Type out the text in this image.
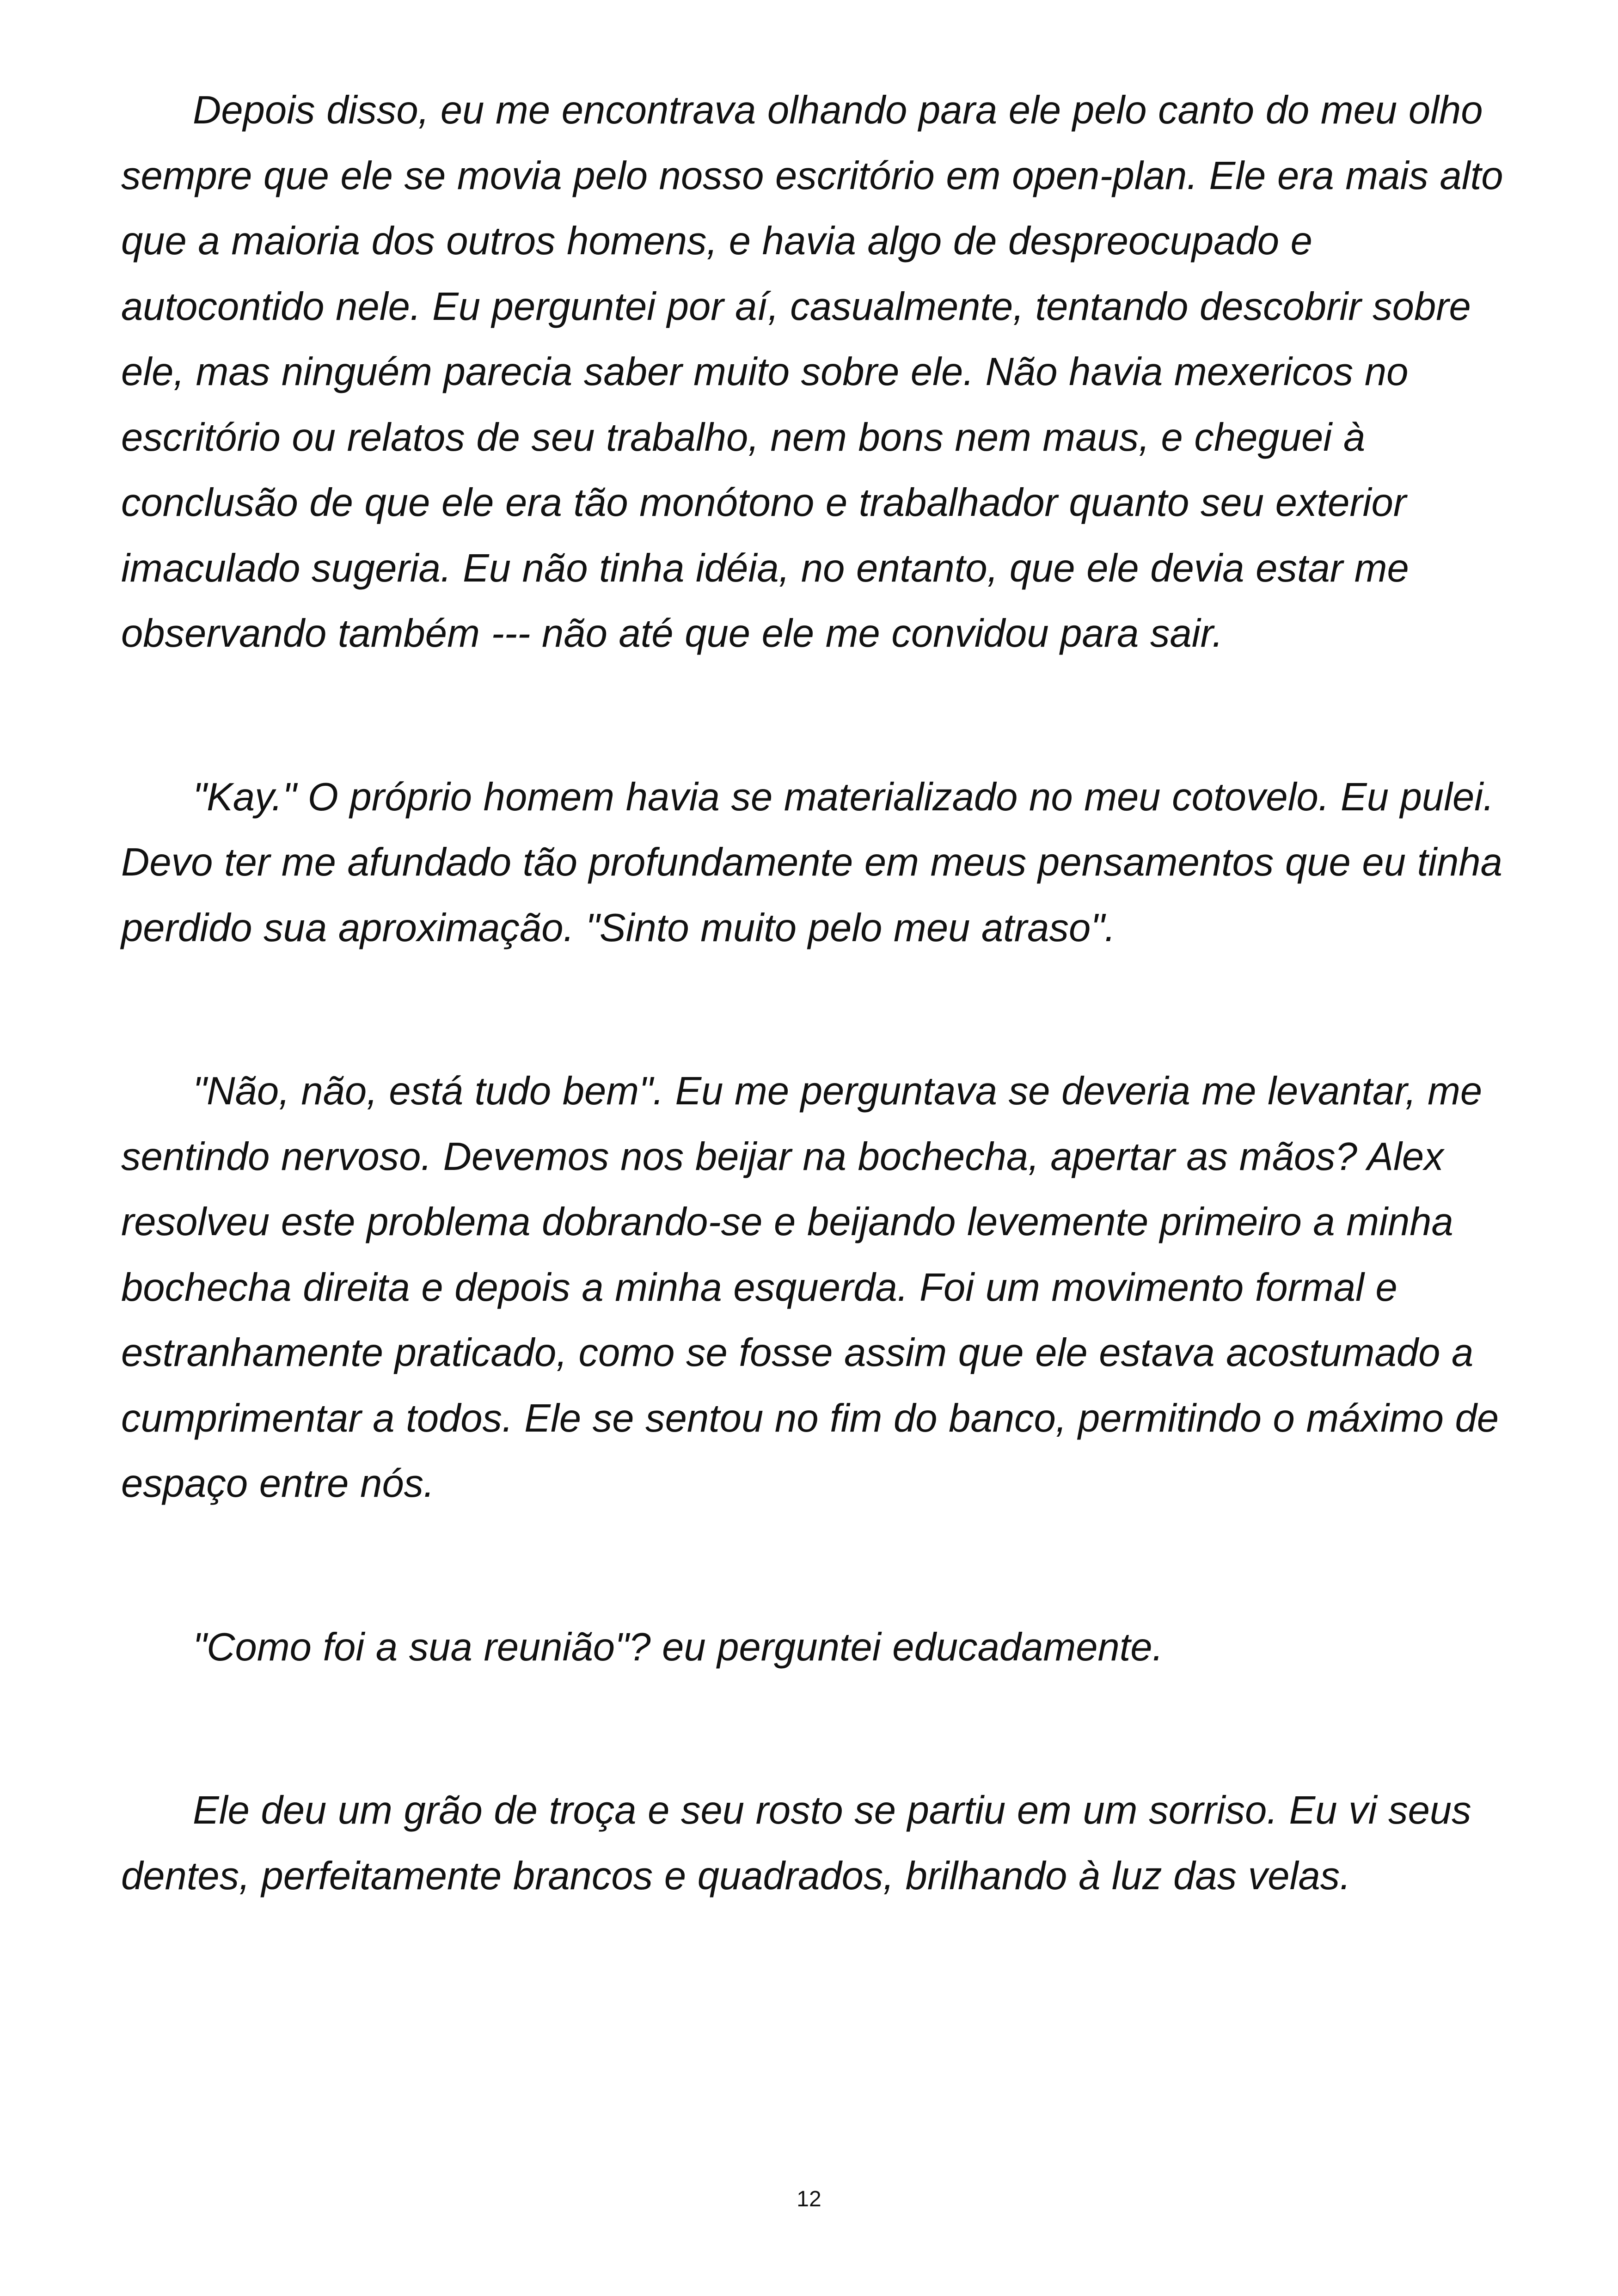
Depois disso, eu me encontrava olhando para ele pelo canto do meu olho sempre que ele se movia pelo nosso escritório em open-plan. Ele era mais alto que a maioria dos outros homens, e havia algo de despreocupado e autocontido nele. Eu perguntei por aí, casualmente, tentando descobrir sobre ele, mas ninguém parecia saber muito sobre ele. Não havia mexericos no escritório ou relatos de seu trabalho, nem bons nem maus, e cheguei à conclusão de que ele era tão monótono e trabalhador quanto seu exterior imaculado sugeria. Eu não tinha idéia, no entanto, que ele devia estar me observando também --- não até que ele me convidou para sair.

"Kay." O próprio homem havia se materializado no meu cotovelo. Eu pulei. Devo ter me afundado tão profundamente em meus pensamentos que eu tinha perdido sua aproximação. "Sinto muito pelo meu atraso".

"Não, não, está tudo bem". Eu me perguntava se deveria me levantar, me sentindo nervoso. Devemos nos beijar na bochecha, apertar as mãos? Alex resolveu este problema dobrando-se e beijando levemente primeiro a minha bochecha direita e depois a minha esquerda. Foi um movimento formal e estranhamente praticado, como se fosse assim que ele estava acostumado a cumprimentar a todos. Ele se sentou no fim do banco, permitindo o máximo de espaço entre nós.

"Como foi a sua reunião"? eu perguntei educadamente.

Ele deu um grão de troça e seu rosto se partiu em um sorriso. Eu vi seus dentes, perfeitamente brancos e quadrados, brilhando à luz das velas.

12
